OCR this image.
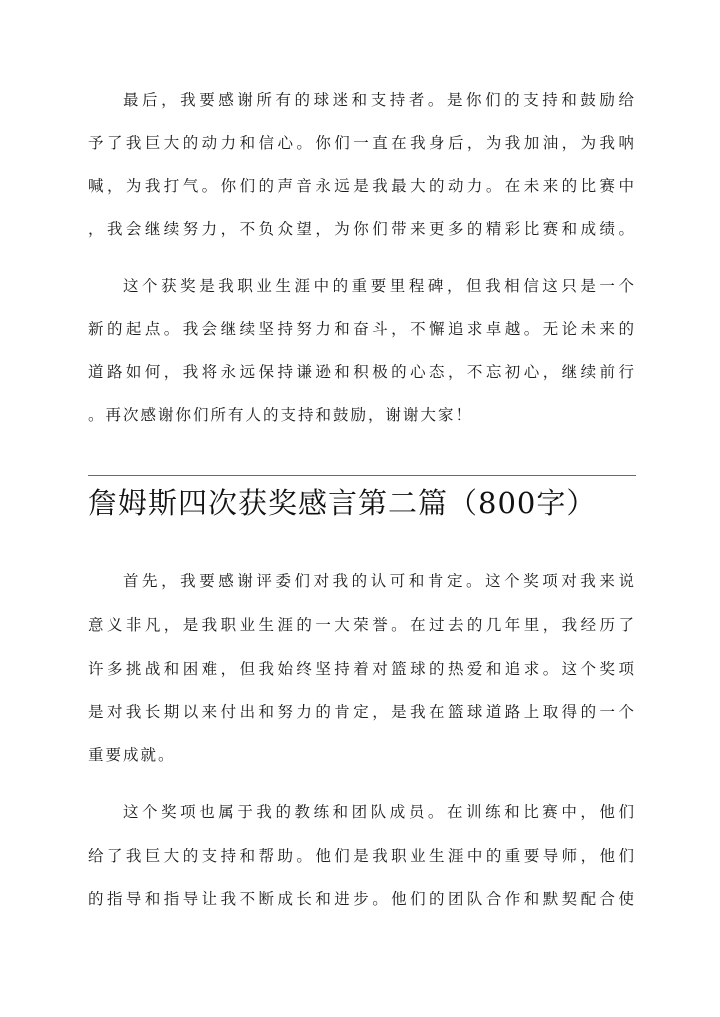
最后，我要感谢所有的球迷和支持者。是你们的支持和鼓励给
予了我巨大的动力和信心。你们一直在我身后，为我加油，为我呐
喊，为我打气。你们的声音永远是我最大的动力。在未来的比赛中
，我会继续努力，不负众望，为你们带来更多的精彩比赛和成绩。
这个获奖是我职业生涯中的重要里程碑，但我相信这只是一个
新的起点。我会继续坚持努力和奋斗，不懈追求卓越。无论未来的
道路如何，我将永远保持谦逊和积极的心态，不忘初心，继续前行
。再次感谢你们所有人的支持和鼓励，谢谢大家！
詹姆斯四次获奖感言第二篇（800字）
首先，我要感谢评委们对我的认可和肯定。这个奖项对我来说
意义非凡，是我职业生涯的一大荣誉。在过去的几年里，我经历了
许多挑战和困难，但我始终坚持着对篮球的热爱和追求。这个奖项
是对我长期以来付出和努力的肯定，是我在篮球道路上取得的一个
重要成就。
这个奖项也属于我的教练和团队成员。在训练和比赛中，他们
给了我巨大的支持和帮助。他们是我职业生涯中的重要导师，他们
的指导和指导让我不断成长和进步。他们的团队合作和默契配合使
